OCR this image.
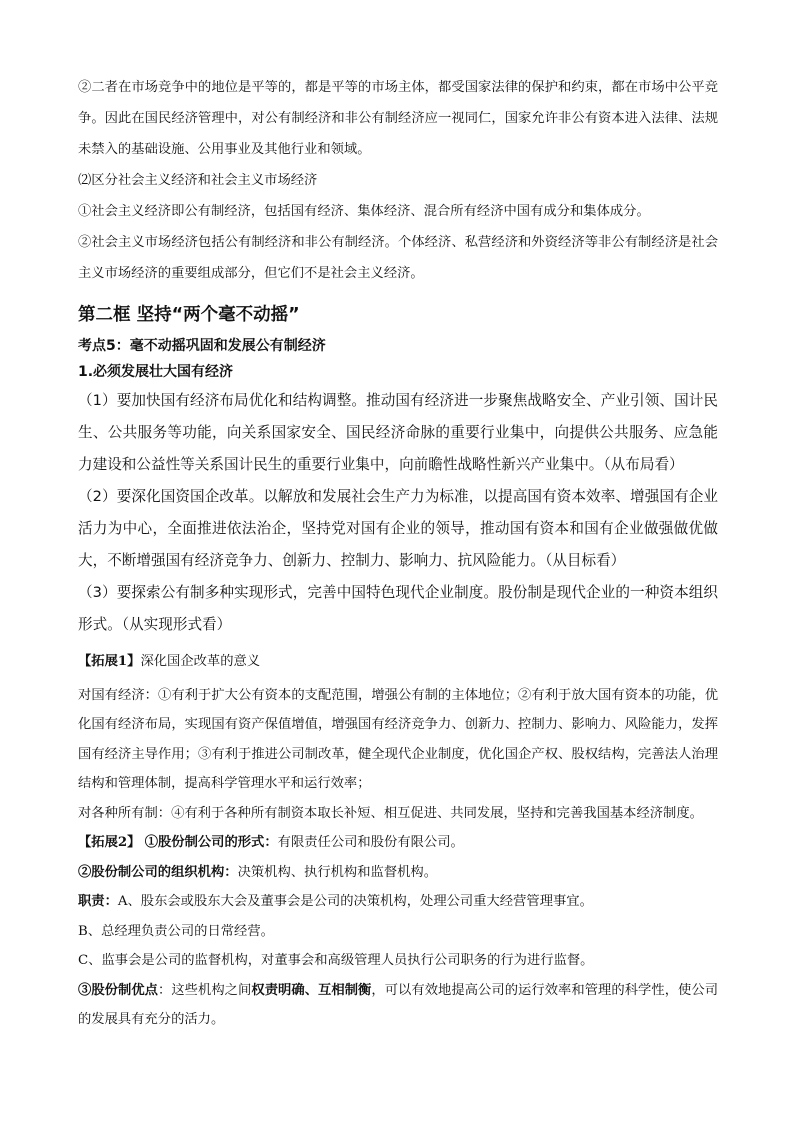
②二者在市场竞争中的地位是平等的，都是平等的市场主体，都受国家法律的保护和约束，都在市场中公平竞争。因此在国民经济管理中，对公有制经济和非公有制经济应一视同仁，国家允许非公有资本进入法律、法规未禁入的基础设施、公用事业及其他行业和领域。

⑵区分社会主义经济和社会主义市场经济

①社会主义经济即公有制经济，包括国有经济、集体经济、混合所有经济中国有成分和集体成分。

②社会主义市场经济包括公有制经济和非公有制经济。个体经济、私营经济和外资经济等非公有制经济是社会主义市场经济的重要组成部分，但它们不是社会主义经济。

第二框 坚持“两个毫不动摇”

考点5：毫不动摇巩固和发展公有制经济

1.必须发展壮大国有经济

（1）要加快国有经济布局优化和结构调整。推动国有经济进一步聚焦战略安全、产业引领、国计民生、公共服务等功能，向关系国家安全、国民经济命脉的重要行业集中，向提供公共服务、应急能力建设和公益性等关系国计民生的重要行业集中，向前瞻性战略性新兴产业集中。（从布局看）

（2）要深化国资国企改革。以解放和发展社会生产力为标准，以提高国有资本效率、增强国有企业活力为中心，全面推进依法治企，坚持党对国有企业的领导，推动国有资本和国有企业做强做优做大，不断增强国有经济竞争力、创新力、控制力、影响力、抗风险能力。（从目标看）

（3）要探索公有制多种实现形式，完善中国特色现代企业制度。股份制是现代企业的一种资本组织形式。（从实现形式看）

【拓展1】深化国企改革的意义

对国有经济：①有利于扩大公有资本的支配范围，增强公有制的主体地位；②有利于放大国有资本的功能，优化国有经济布局，实现国有资产保值增值，增强国有经济竞争力、创新力、控制力、影响力、风险能力，发挥国有经济主导作用；③有利于推进公司制改革，健全现代企业制度，优化国企产权、股权结构，完善法人治理结构和管理体制，提高科学管理水平和运行效率；

对各种所有制：④有利于各种所有制资本取长补短、相互促进、共同发展，坚持和完善我国基本经济制度。

【拓展2】 ①股份制公司的形式：有限责任公司和股份有限公司。

②股份制公司的组织机构：决策机构、执行机构和监督机构。

职责：A、股东会或股东大会及董事会是公司的决策机构，处理公司重大经营管理事宜。

B、总经理负责公司的日常经营。

C、监事会是公司的监督机构，对董事会和高级管理人员执行公司职务的行为进行监督。

③股份制优点：这些机构之间权责明确、互相制衡，可以有效地提高公司的运行效率和管理的科学性，使公司的发展具有充分的活力。
